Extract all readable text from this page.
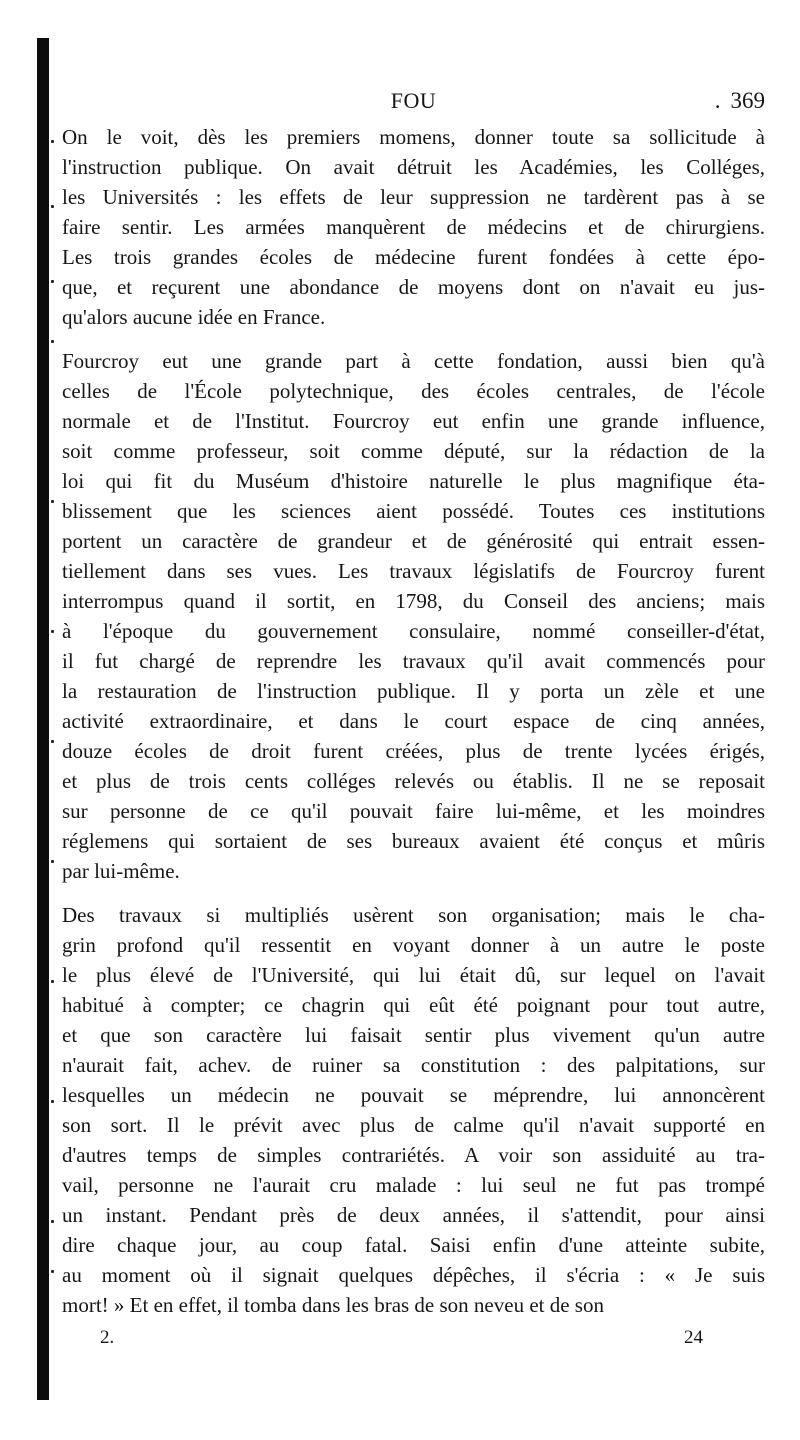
FOU	. 369
On le voit, dès les premiers momens, donner toute sa sollicitude à
l'instruction publique. On avait détruit les Académies, les Colléges,
les Universités : les effets de leur suppression ne tardèrent pas à se
faire sentir. Les armées manquèrent de médecins et de chirurgiens.
Les trois grandes écoles de médecine furent fondées à cette épo-
que, et reçurent une abondance de moyens dont on n'avait eu jus-
qu'alors aucune idée en France.
Fourcroy eut une grande part à cette fondation, aussi bien qu'à
celles de l'École polytechnique, des écoles centrales, de l'école
normale et de l'Institut. Fourcroy eut enfin une grande influence,
soit comme professeur, soit comme député, sur la rédaction de la
loi qui fit du Muséum d'histoire naturelle le plus magnifique éta-
blissement que les sciences aient possédé. Toutes ces institutions
portent un caractère de grandeur et de générosité qui entrait essen-
tiellement dans ses vues. Les travaux législatifs de Fourcroy furent
interrompus quand il sortit, en 1798, du Conseil des anciens; mais
à l'époque du gouvernement consulaire, nommé conseiller-d'état,
il fut chargé de reprendre les travaux qu'il avait commencés pour
la restauration de l'instruction publique. Il y porta un zèle et une
activité extraordinaire, et dans le court espace de cinq années,
douze écoles de droit furent créées, plus de trente lycées érigés,
et plus de trois cents colléges relevés ou établis. Il ne se reposait
sur personne de ce qu'il pouvait faire lui-même, et les moindres
réglemens qui sortaient de ses bureaux avaient été conçus et mûris
par lui-même.
Des travaux si multipliés usèrent son organisation; mais le cha-
grin profond qu'il ressentit en voyant donner à un autre le poste
le plus élevé de l'Université, qui lui était dû, sur lequel on l'avait
habitué à compter; ce chagrin qui eût été poignant pour tout autre,
et que son caractère lui faisait sentir plus vivement qu'un autre
n'aurait fait, achev. de ruiner sa constitution : des palpitations, sur
lesquelles un médecin ne pouvait se méprendre, lui annoncèrent
son sort. Il le prévit avec plus de calme qu'il n'avait supporté en
d'autres temps de simples contrariétés. A voir son assiduité au tra-
vail, personne ne l'aurait cru malade : lui seul ne fut pas trompé
un instant. Pendant près de deux années, il s'attendit, pour ainsi
dire chaque jour, au coup fatal. Saisi enfin d'une atteinte subite,
au moment où il signait quelques dépêches, il s'écria : « Je suis
mort! » Et en effet, il tomba dans les bras de son neveu et de son
2.	24
